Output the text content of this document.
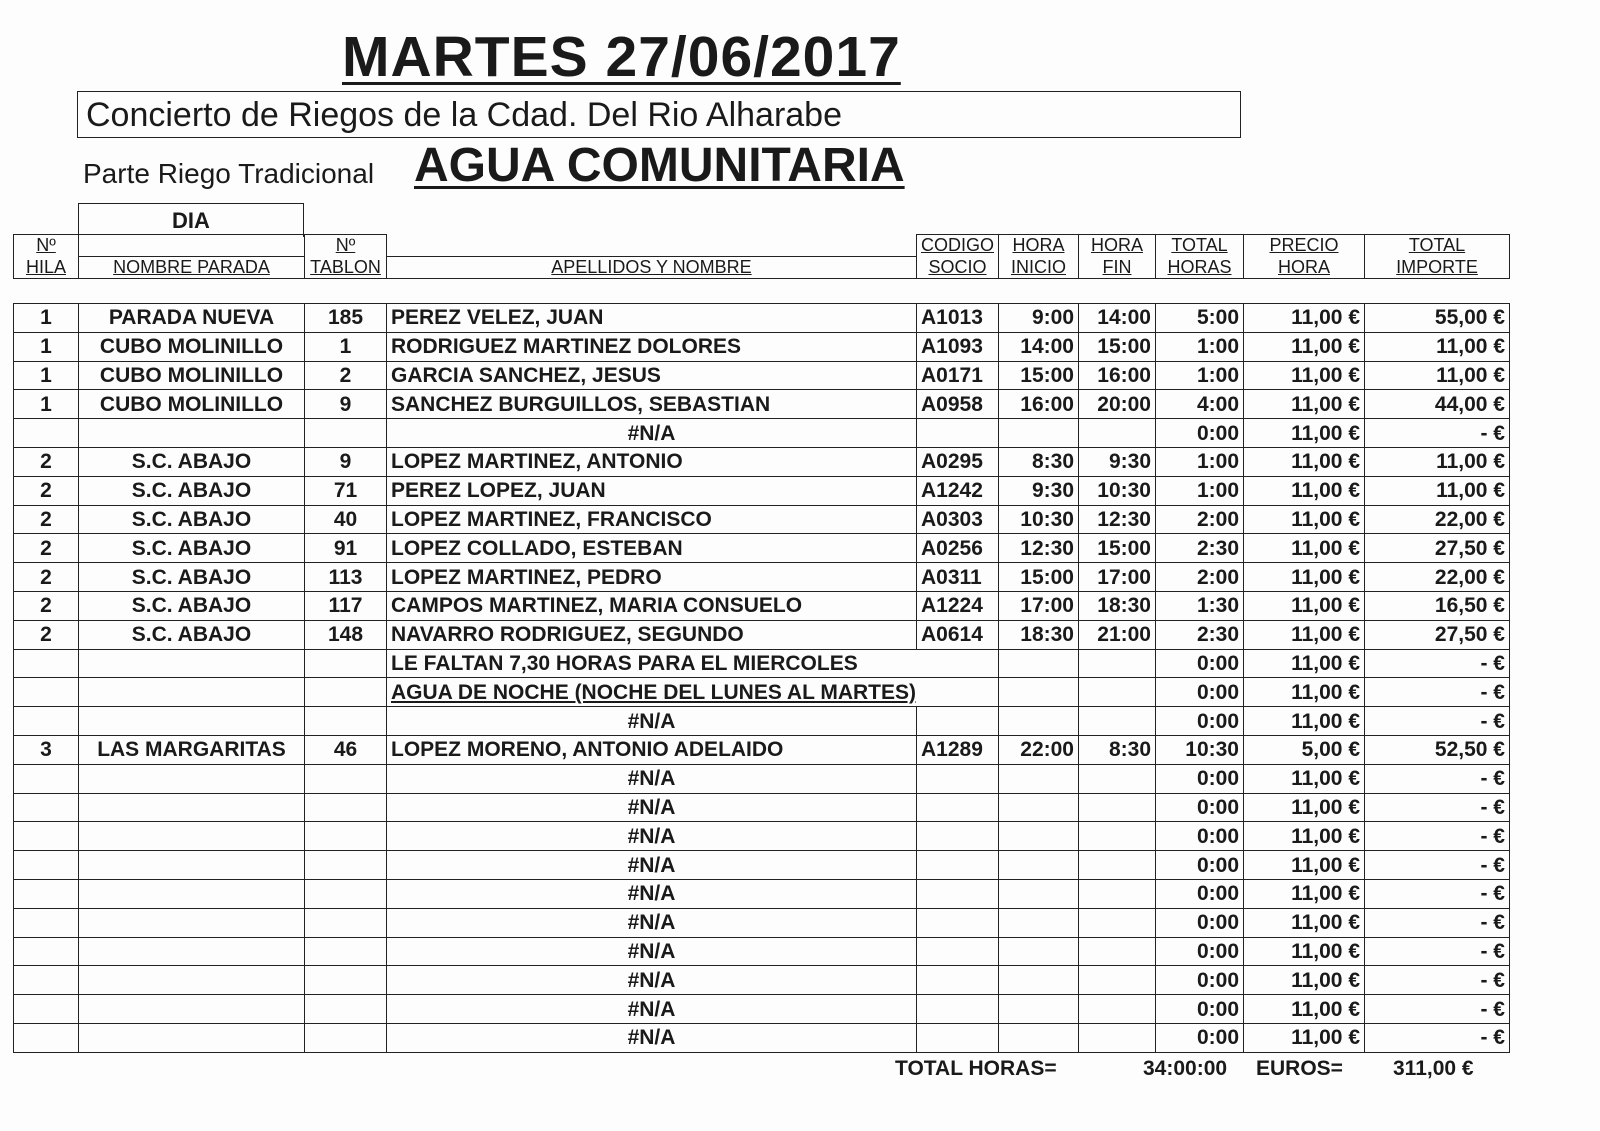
MARTES 27/06/2017
Concierto de Riegos de la Cdad. Del Rio Alharabe
Parte Riego Tradicional AGUA COMUNITARIA
DIA
Nº		Nº		CODIGO	HORA	HORA	TOTAL	PRECIO	TOTAL
HILA	NOMBRE PARADA	TABLON	APELLIDOS Y NOMBRE	SOCIO	INICIO	FIN	HORAS	HORA	IMPORTE
1	PARADA NUEVA	185	PEREZ VELEZ, JUAN	A1013	9:00	14:00	5:00	11,00 €	55,00 €
1	CUBO MOLINILLO	1	RODRIGUEZ MARTINEZ DOLORES	A1093	14:00	15:00	1:00	11,00 €	11,00 €
1	CUBO MOLINILLO	2	GARCIA SANCHEZ, JESUS	A0171	15:00	16:00	1:00	11,00 €	11,00 €
1	CUBO MOLINILLO	9	SANCHEZ BURGUILLOS, SEBASTIAN	A0958	16:00	20:00	4:00	11,00 €	44,00 €
			#N/A				0:00	11,00 €	- €
2	S.C. ABAJO	9	LOPEZ MARTINEZ, ANTONIO	A0295	8:30	9:30	1:00	11,00 €	11,00 €
2	S.C. ABAJO	71	PEREZ LOPEZ, JUAN	A1242	9:30	10:30	1:00	11,00 €	11,00 €
2	S.C. ABAJO	40	LOPEZ MARTINEZ, FRANCISCO	A0303	10:30	12:30	2:00	11,00 €	22,00 €
2	S.C. ABAJO	91	LOPEZ COLLADO, ESTEBAN	A0256	12:30	15:00	2:30	11,00 €	27,50 €
2	S.C. ABAJO	113	LOPEZ MARTINEZ, PEDRO	A0311	15:00	17:00	2:00	11,00 €	22,00 €
2	S.C. ABAJO	117	CAMPOS MARTINEZ, MARIA CONSUELO	A1224	17:00	18:30	1:30	11,00 €	16,50 €
2	S.C. ABAJO	148	NAVARRO RODRIGUEZ, SEGUNDO	A0614	18:30	21:00	2:30	11,00 €	27,50 €
			LE FALTAN 7,30 HORAS PARA EL MIERCOLES				0:00	11,00 €	- €
			AGUA DE NOCHE (NOCHE DEL LUNES AL MARTES)				0:00	11,00 €	- €
			#N/A				0:00	11,00 €	- €
3	LAS MARGARITAS	46	LOPEZ MORENO, ANTONIO ADELAIDO	A1289	22:00	8:30	10:30	5,00 €	52,50 €
			#N/A				0:00	11,00 €	- €
			#N/A				0:00	11,00 €	- €
			#N/A				0:00	11,00 €	- €
			#N/A				0:00	11,00 €	- €
			#N/A				0:00	11,00 €	- €
			#N/A				0:00	11,00 €	- €
			#N/A				0:00	11,00 €	- €
			#N/A				0:00	11,00 €	- €
			#N/A				0:00	11,00 €	- €
			#N/A				0:00	11,00 €	- €
TOTAL HORAS=	34:00:00 EUROS= 311,00 €
